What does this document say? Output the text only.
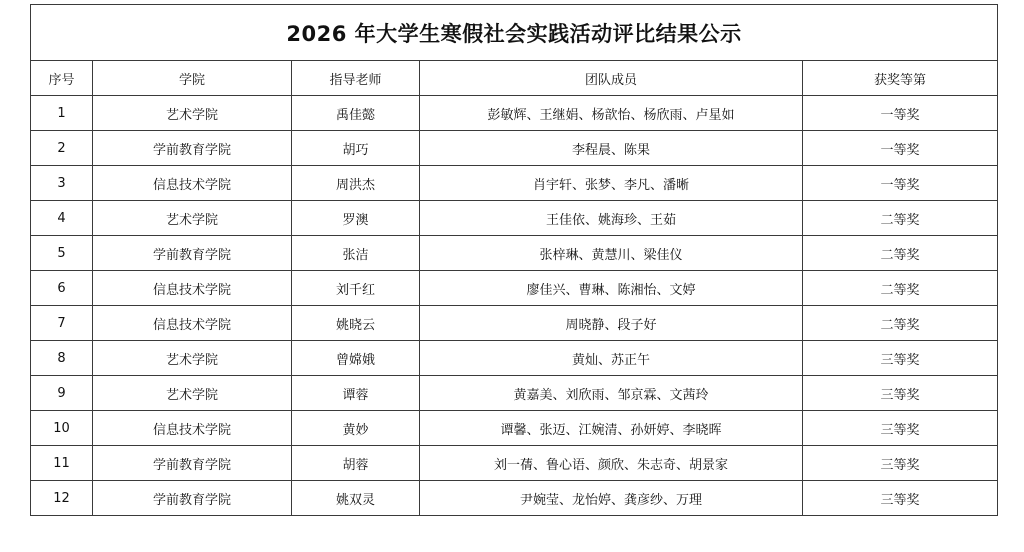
2026 年大学生寒假社会实践活动评比结果公示				
序号	学院	指导老师	团队成员	获奖等第
1	艺术学院	禹佳懿	彭敏辉、王继娟、杨歆怡、杨欣雨、卢星如	一等奖
2	学前教育学院	胡巧	李程晨、陈果	一等奖
3	信息技术学院	周洪杰	肖宇轩、张梦、李凡、潘晰	一等奖
4	艺术学院	罗澳	王佳依、姚海珍、王茹	二等奖
5	学前教育学院	张洁	张梓琳、黄慧川、梁佳仪	二等奖
6	信息技术学院	刘千红	廖佳兴、曹琳、陈湘怡、文婷	二等奖
7	信息技术学院	姚晓云	周晓静、段子好	二等奖
8	艺术学院	曾嫦娥	黄灿、苏正午	三等奖
9	艺术学院	谭蓉	黄嘉美、刘欣雨、邹京霖、文茜玲	三等奖
10	信息技术学院	黄妙	谭馨、张迈、江婉清、孙妍婷、李晓晖	三等奖
11	学前教育学院	胡蓉	刘一蒨、鲁心语、颜欣、朱志奇、胡景家	三等奖
12	学前教育学院	姚双灵	尹婉莹、龙怡婷、龚彦纱、万理	三等奖
